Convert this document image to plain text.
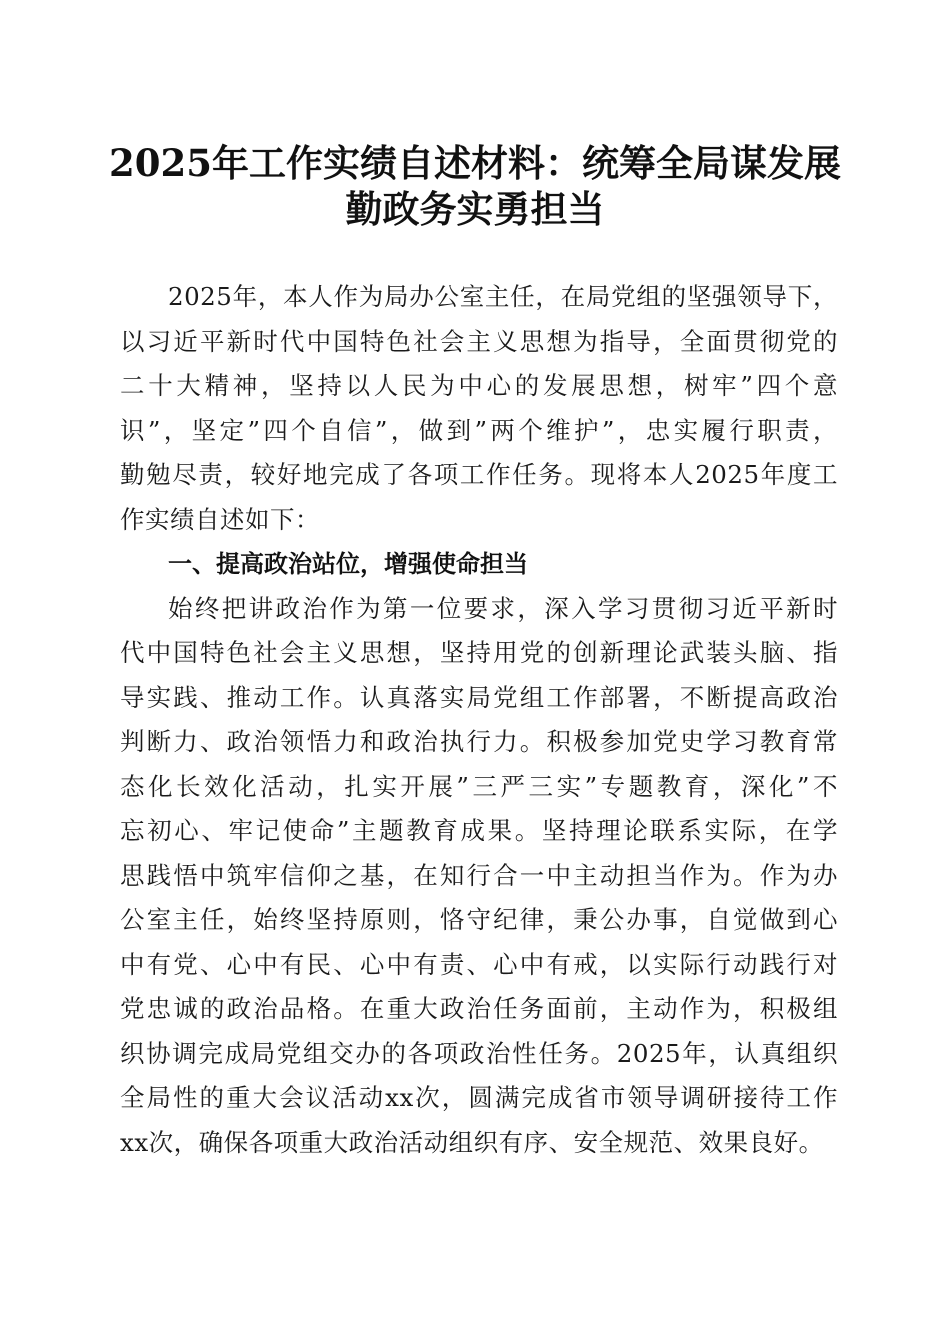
2025年工作实绩自述材料：统筹全局谋发展
勤政务实勇担当
2025年，本人作为局办公室主任，在局党组的坚强领导下，
以习近平新时代中国特色社会主义思想为指导，全面贯彻党的
二十大精神，坚持以人民为中心的发展思想，树牢”四个意
识”，坚定”四个自信”，做到”两个维护”，忠实履行职责，
勤勉尽责，较好地完成了各项工作任务。现将本人2025年度工
作实绩自述如下：
一、提高政治站位，增强使命担当
始终把讲政治作为第一位要求，深入学习贯彻习近平新时
代中国特色社会主义思想，坚持用党的创新理论武装头脑、指
导实践、推动工作。认真落实局党组工作部署，不断提高政治
判断力、政治领悟力和政治执行力。积极参加党史学习教育常
态化长效化活动，扎实开展”三严三实”专题教育，深化”不
忘初心、牢记使命”主题教育成果。坚持理论联系实际，在学
思践悟中筑牢信仰之基，在知行合一中主动担当作为。作为办
公室主任，始终坚持原则，恪守纪律，秉公办事，自觉做到心
中有党、心中有民、心中有责、心中有戒，以实际行动践行对
党忠诚的政治品格。在重大政治任务面前，主动作为，积极组
织协调完成局党组交办的各项政治性任务。2025年，认真组织
全局性的重大会议活动xx次，圆满完成省市领导调研接待工作
xx次，确保各项重大政治活动组织有序、安全规范、效果良好。
